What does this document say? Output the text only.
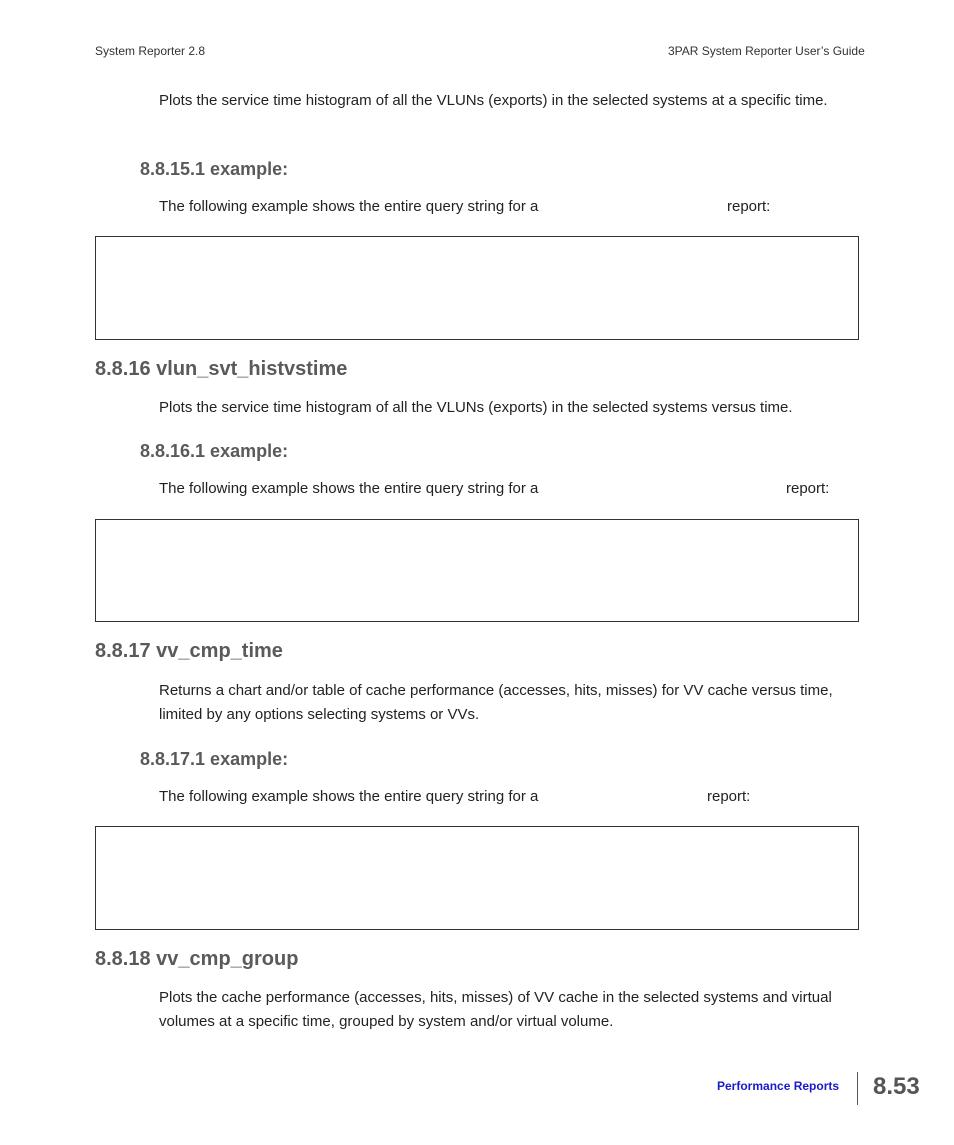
System Reporter 2.8	3PAR System Reporter User’s Guide
Plots the service time histogram of all the VLUNs (exports) in the selected systems at a specific time.
8.8.15.1 example:
The following example shows the entire query string for a	report:
8.8.16 vlun_svt_histvstime
Plots the service time histogram of all the VLUNs (exports) in the selected systems versus time.
8.8.16.1 example:
The following example shows the entire query string for a	report:
8.8.17 vv_cmp_time
Returns a chart and/or table of cache performance (accesses, hits, misses) for VV cache versus time, limited by any options selecting systems or VVs.
8.8.17.1 example:
The following example shows the entire query string for a	report:
8.8.18 vv_cmp_group
Plots the cache performance (accesses, hits, misses) of VV cache in the selected systems and virtual volumes at a specific time, grouped by system and/or virtual volume.
Performance Reports 8.53
